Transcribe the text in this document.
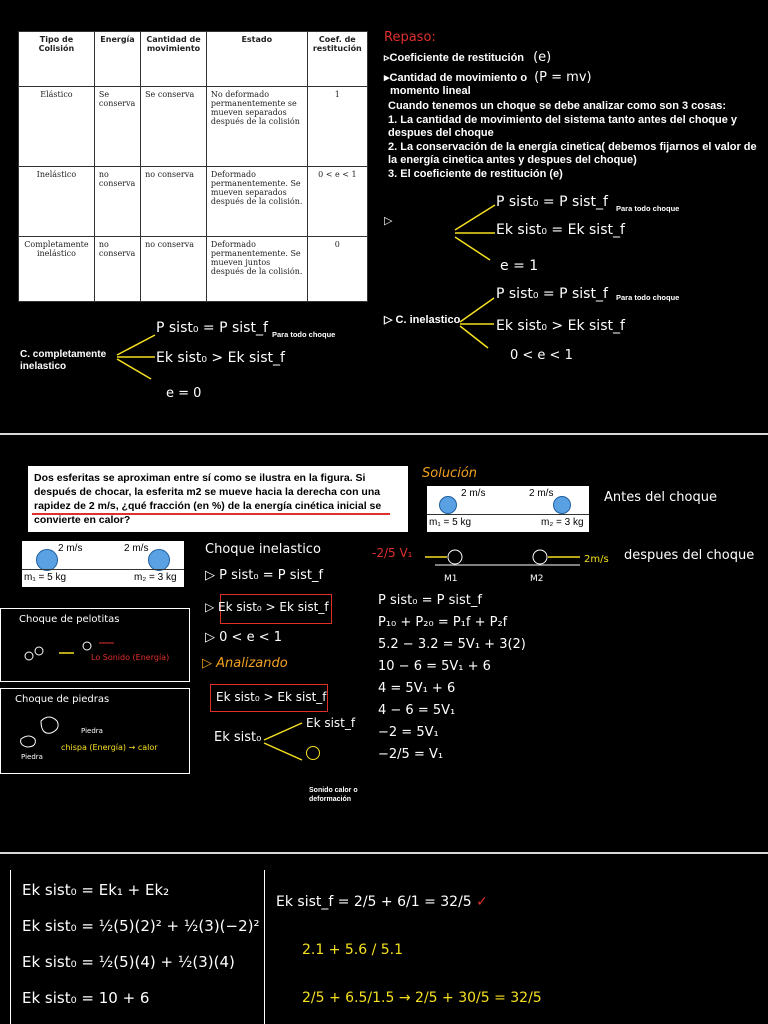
Tipo de Colisión	Energía	Cantidad de movimiento	Estado	Coef. de restitución
Elástico	Se conserva	Se conserva	No deformado permanentemente se mueven separados después de la colisión	1
Inelástico	no conserva	no conserva	Deformado permanentemente. Se mueven separados después de la colisión.	0 < e < 1
Completamente inelástico	no conserva	no conserva	Deformado permanentemente. Se mueven juntos después de la colisión.	0
Repaso:
▹Coeficiente de restitución (e)
▸Cantidad de movimiento o (P = mv)
momento lineal
Cuando tenemos un choque se debe analizar como son 3 cosas:
1. La cantidad de movimiento del sistema tanto antes del choque y despues del choque
2. La conservación de la energía cinetica( debemos fijarnos el valor de la energía cinetica antes y despues del choque)
3. El coeficiente de restitución (e)
▷
P sist₀ = P sist_f
Ek sist₀ = Ek sist_f
e = 1
Para todo choque
▷ C. inelastico
P sist₀ = P sist_f
Ek sist₀ > Ek sist_f
0 < e < 1
Para todo choque
C. completamente inelastico
P sist₀ = P sist_f
Ek sist₀ > Ek sist_f
e = 0
Para todo choque
Dos esferitas se aproximan entre sí como se ilustra en la figura. Si después de chocar, la esferita m2 se mueve hacia la derecha con una rapidez de 2 m/s, ¿qué fracción (en %) de la energía cinética inicial se convierte en calor?
2 m/s	2 m/s
m₁ = 5 kg	m₂ = 3 kg
2 m/s	2 m/s
m₁ = 5 kg	m₂ = 3 kg
Solución
Antes del choque
-2/5 V₁
M1	M2
2m/s despues del choque
Choque inelastico
▷ P sist₀ = P sist_f
▷ Ek sist₀ > Ek sist_f
▷ 0 < e < 1
▷ Analizando
Ek sist₀ > Ek sist_f
Ek sist₀
Ek sist_f
Sonido calor o deformación
P sist₀ = P sist_f
P₁₀ + P₂₀ = P₁f + P₂f
5.2 − 3.2 = 5V₁ + 3(2)
10 − 6 = 5V₁ + 6
4 = 5V₁ + 6
4 − 6 = 5V₁
−2 = 5V₁
−2/5 = V₁
Choque de pelotitas
Lo Sonido (Energía)
Choque de piedras
Piedra
Piedra
chispa (Energía) → calor
Ek sist₀ = Ek₁ + Ek₂
Ek sist₀ = ½(5)(2)² + ½(3)(−2)²
Ek sist₀ = ½(5)(4) + ½(3)(4)
Ek sist₀ = 10 + 6
Ek sist_f = 2/5 + 6/1 = 32/5 ✓
2.1 + 5.6 / 5.1
2/5 + 6.5/1.5 → 2/5 + 30/5 = 32/5
